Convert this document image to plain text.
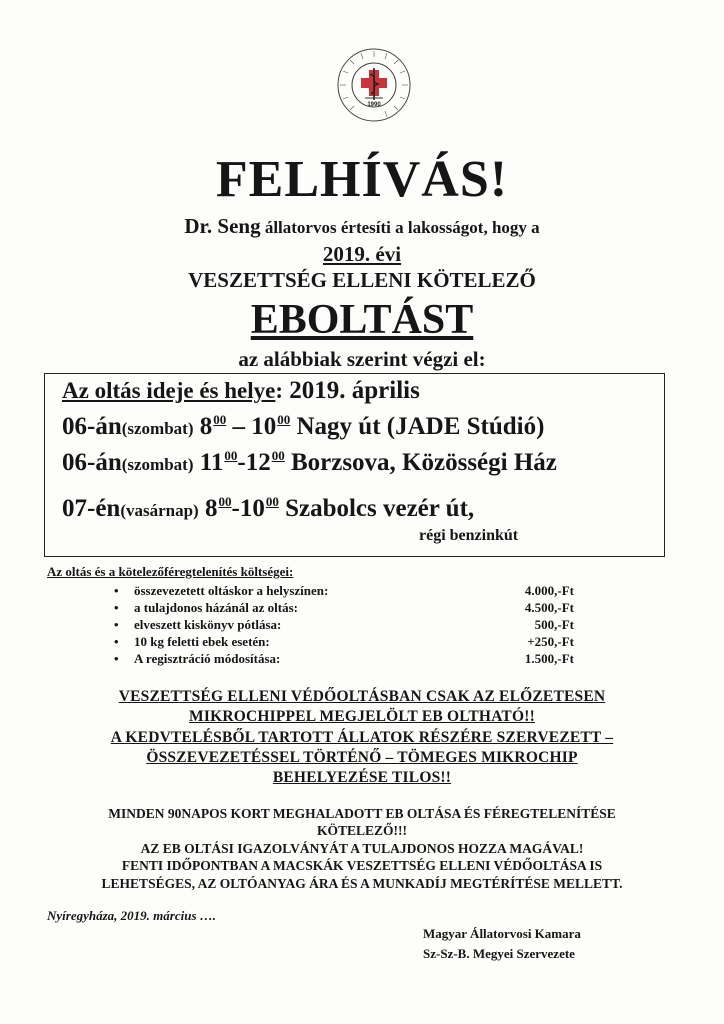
1990
FELHÍVÁS!
Dr. Seng állatorvos értesíti a lakosságot, hogy a
2019. évi
VESZETTSÉG ELLENI KÖTELEZŐ
EBOLTÁST
az alábbiak szerint végzi el:
Az oltás ideje és helye: 2019. április
06-án(szombat) $8^{00} - 10^{00}$ Nagy út (JADE Stúdió)
06-án(szombat) $11^{00}-12^{00}$ Borzsova, Közösségi Ház
07-én(vasárnap) $8^{00}-10^{00}$ Szabolcs vezér út,
régi benzinkút
Az oltás és a kötelezőféregtelenítés költségei:
• összevezetett oltáskor a helyszínen:	4.000,-Ft
• a tulajdonos házánál az oltás:	4.500,-Ft
• elveszett kiskönyv pótlása:	500,-Ft
• 10 kg feletti ebek esetén:	+250,-Ft
• A regisztráció módosítása:	1.500,-Ft
VESZETTSÉG ELLENI VÉDŐOLTÁSBAN CSAK AZ ELŐZETESEN
MIKROCHIPPEL MEGJELÖLT EB OLTHATÓ!!
A KEDVTELÉSBŐL TARTOTT ÁLLATOK RÉSZÉRE SZERVEZETT –
ÖSSZEVEZETÉSSEL TÖRTÉNŐ – TÖMEGES MIKROCHIP
BEHELYEZÉSE TILOS!!
MINDEN 90NAPOS KORT MEGHALADOTT EB OLTÁSA ÉS FÉREGTELENÍTÉSE
KÖTELEZŐ!!!
AZ EB OLTÁSI IGAZOLVÁNYÁT A TULAJDONOS HOZZA MAGÁVAL!
FENTI IDŐPONTBAN A MACSKÁK VESZETTSÉG ELLENI VÉDŐOLTÁSA IS
LEHETSÉGES, AZ OLTÓANYAG ÁRA ÉS A MUNKADÍJ MEGTÉRÍTÉSE MELLETT.
Nyíregyháza, 2019. március ….
Magyar Állatorvosi Kamara
Sz-Sz-B. Megyei Szervezete
